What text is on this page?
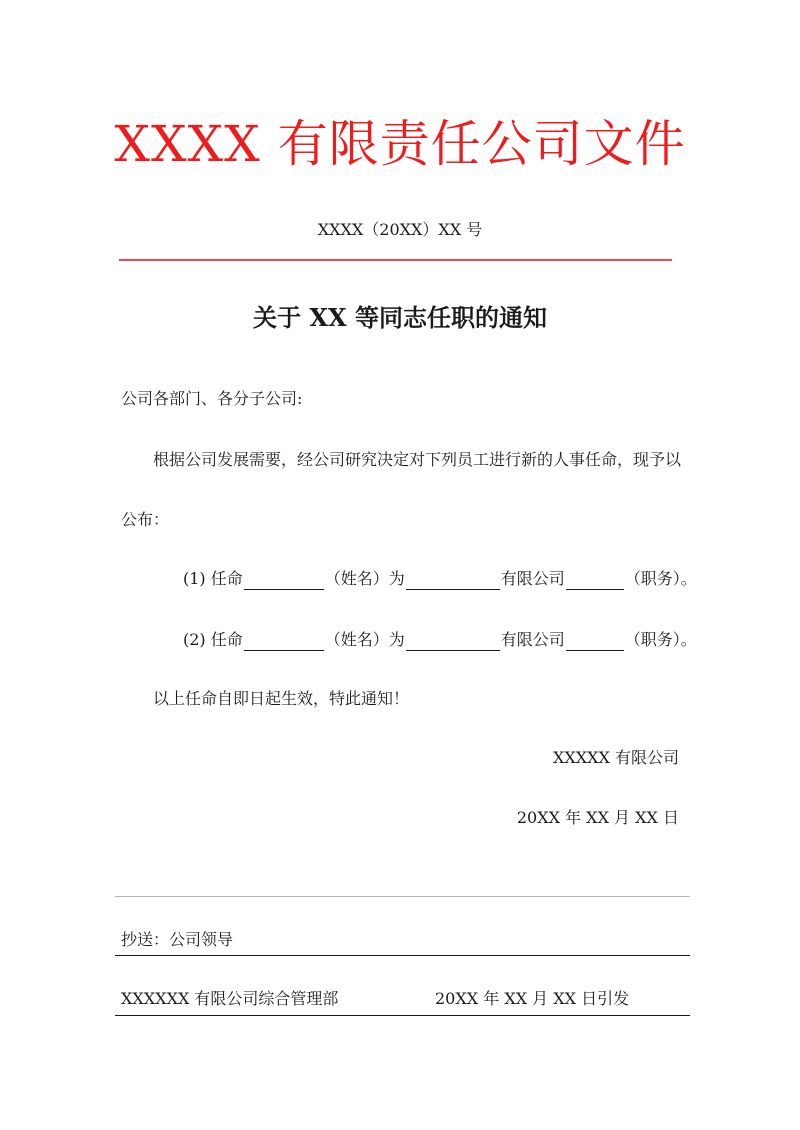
XXXX 有限责任公司文件
XXXX（20XX）XX 号
关于 XX 等同志任职的通知
公司各部门、各分子公司:
根据公司发展需要，经公司研究决定对下列员工进行新的人事任命，现予以
公布：
(1) 任命	（姓名）为	有限公司	（职务）。
(2) 任命	（姓名）为	有限公司	（职务）。
以上任命自即日起生效，特此通知！
XXXXX 有限公司
20XX 年 XX 月 XX 日
抄送：公司领导
XXXXXX 有限公司综合管理部	20XX 年 XX 月 XX 日引发
